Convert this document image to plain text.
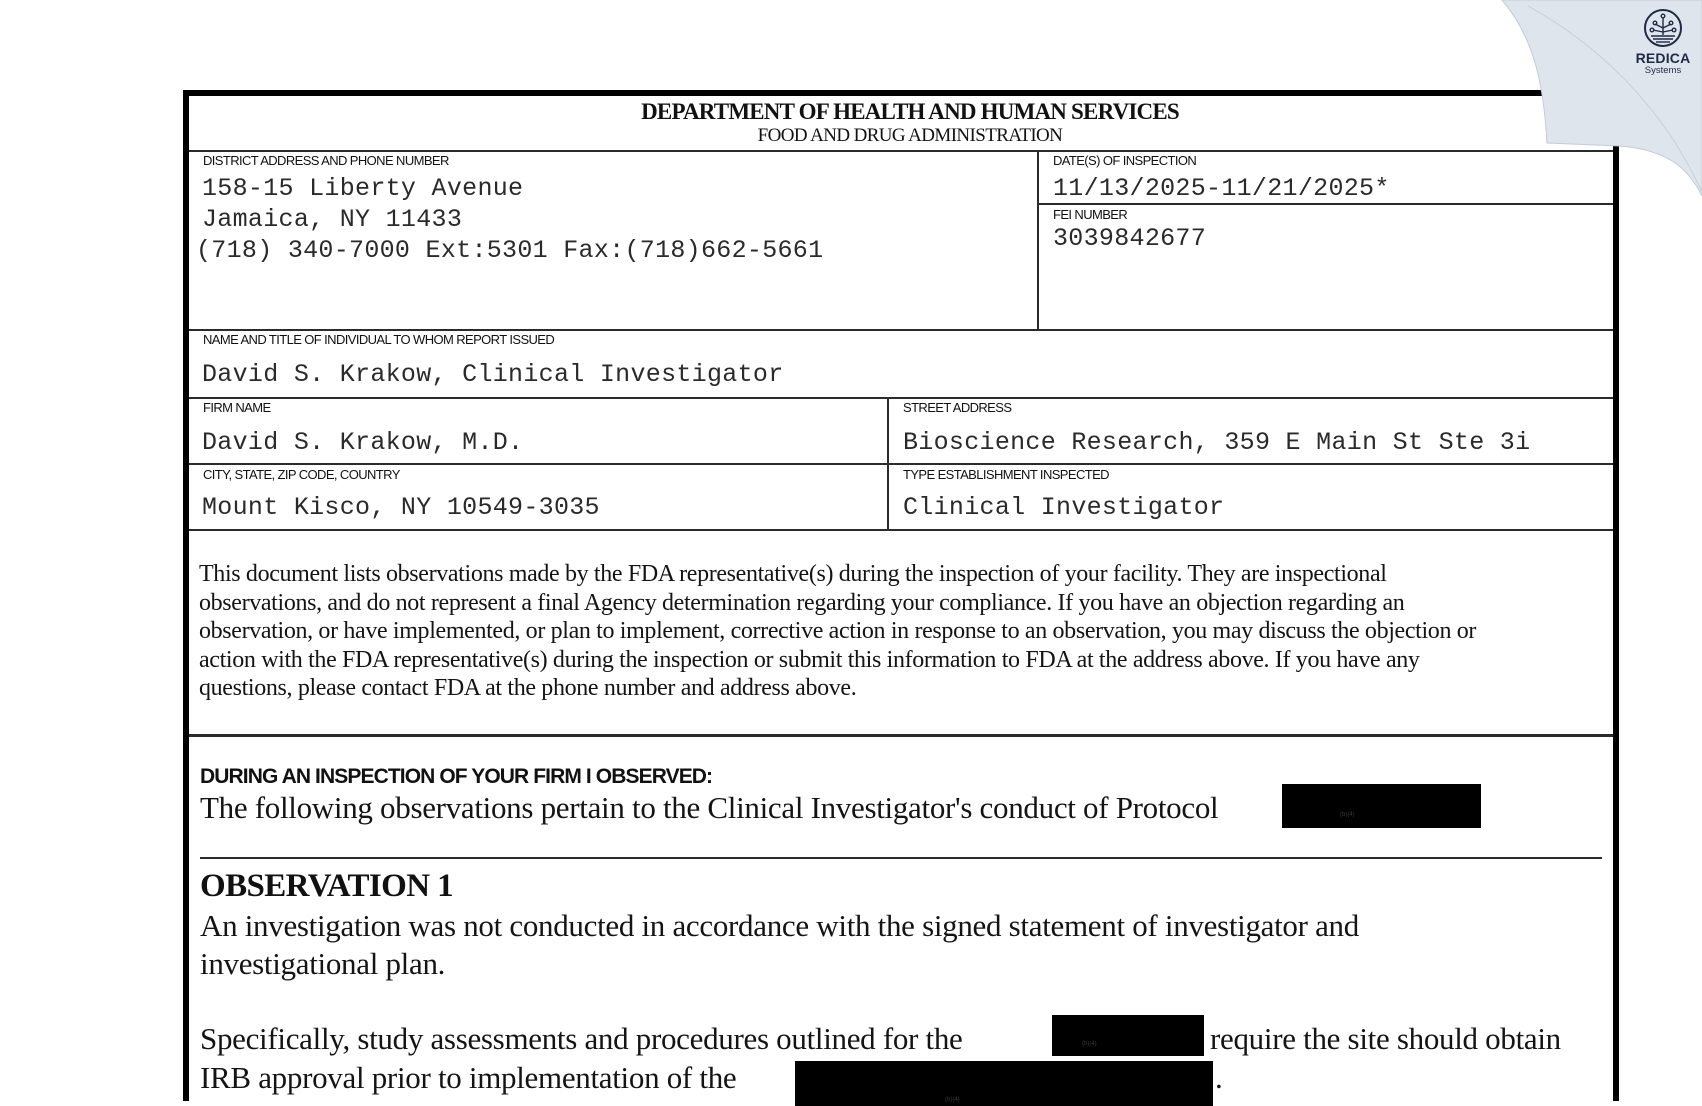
DEPARTMENT OF HEALTH AND HUMAN SERVICES
FOOD AND DRUG ADMINISTRATION
DISTRICT ADDRESS AND PHONE NUMBER
158-15 Liberty Avenue
Jamaica, NY 11433
(718) 340-7000 Ext:5301 Fax:(718)662-5661
DATE(S) OF INSPECTION
11/13/2025-11/21/2025*
FEI NUMBER
3039842677
NAME AND TITLE OF INDIVIDUAL TO WHOM REPORT ISSUED
David S. Krakow, Clinical Investigator
FIRM NAME
David S. Krakow, M.D.
STREET ADDRESS
Bioscience Research, 359 E Main St Ste 3i
CITY, STATE, ZIP CODE, COUNTRY
Mount Kisco, NY 10549-3035
TYPE ESTABLISHMENT INSPECTED
Clinical Investigator
This document lists observations made by the FDA representative(s) during the inspection of your facility. They are inspectional
observations, and do not represent a final Agency determination regarding your compliance. If you have an objection regarding an
observation, or have implemented, or plan to implement, corrective action in response to an observation, you may discuss the objection or
action with the FDA representative(s) during the inspection or submit this information to FDA at the address above. If you have any
questions, please contact FDA at the phone number and address above.
DURING AN INSPECTION OF YOUR FIRM I OBSERVED:
The following observations pertain to the Clinical Investigator's conduct of Protocol	(b)(4)
OBSERVATION 1
An investigation was not conducted in accordance with the signed statement of investigator and
investigational plan.
Specifically, study assessments and procedures outlined for the	(b)(4)	require the site should obtain
IRB approval prior to implementation of the
(b)(4)
.
REDICA
Systems
